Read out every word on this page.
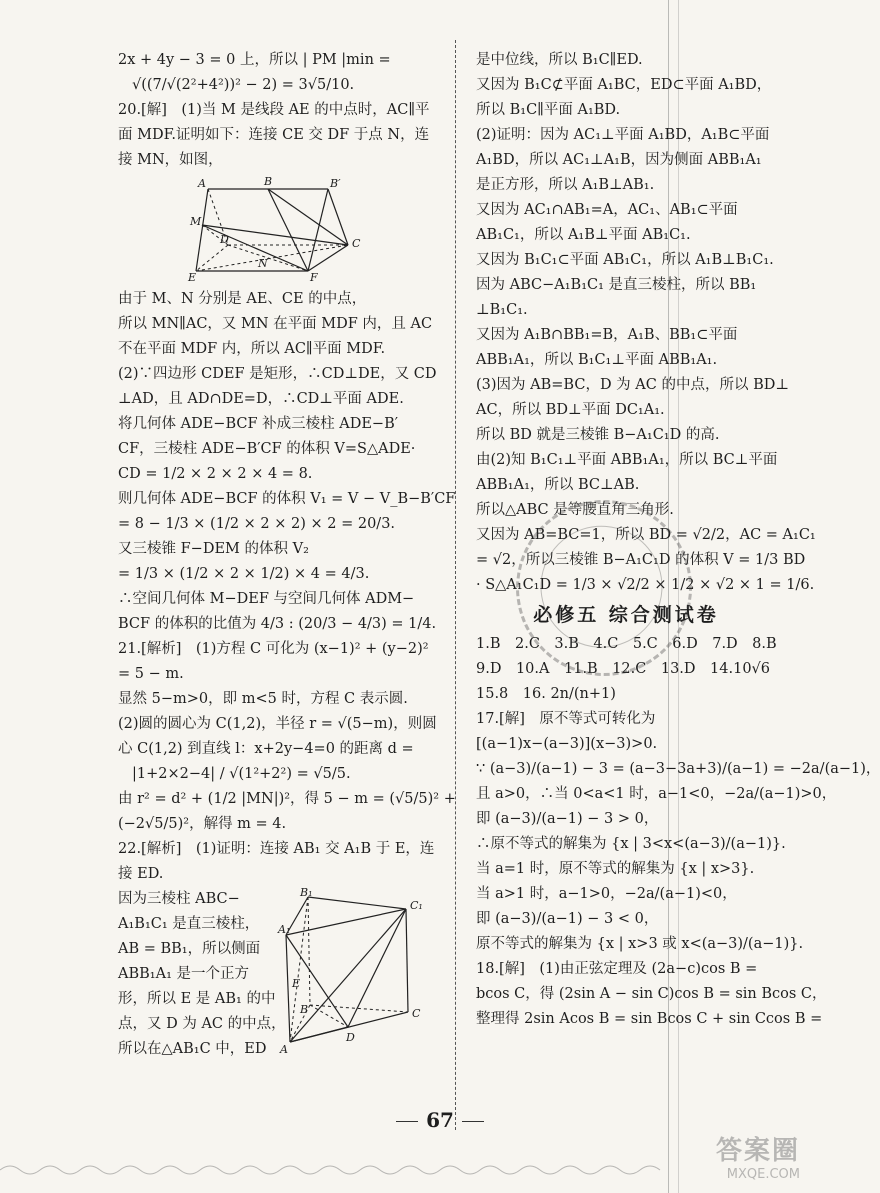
2x + 4y − 3 = 0 上，所以 | PM |min =
√((7/√(2²+4²))² − 2) = 3√5/10.
20.[解]　(1)当 M 是线段 AE 的中点时，AC∥平
面 MDF.证明如下：连接 CE 交 DF 于点 N，连
接 MN，如图，
A	B	B′
M
D	C
N
E	F
由于 M、N 分别是 AE、CE 的中点，
所以 MN∥AC，又 MN 在平面 MDF 内，且 AC
不在平面 MDF 内，所以 AC∥平面 MDF.
(2)∵四边形 CDEF 是矩形，∴CD⊥DE，又 CD
⊥AD，且 AD∩DE=D，∴CD⊥平面 ADE.
将几何体 ADE−BCF 补成三棱柱 ADE−B′
CF，三棱柱 ADE−B′CF 的体积 V=S△ADE·
CD = 1/2 × 2 × 2 × 4 = 8.
则几何体 ADE−BCF 的体积 V₁ = V − V_B−B′CF
= 8 − 1/3 × (1/2 × 2 × 2) × 2 = 20/3.
又三棱锥 F−DEM 的体积 V₂
= 1/3 × (1/2 × 2 × 1/2) × 4 = 4/3.
∴空间几何体 M−DEF 与空间几何体 ADM−
BCF 的体积的比值为 4/3 : (20/3 − 4/3) = 1/4.
21.[解析]　(1)方程 C 可化为 (x−1)² + (y−2)²
= 5 − m.
显然 5−m>0，即 m<5 时，方程 C 表示圆.
(2)圆的圆心为 C(1,2)，半径 r = √(5−m)，则圆
心 C(1,2) 到直线 l：x+2y−4=0 的距离 d =
|1+2×2−4| / √(1²+2²) = √5/5.
由 r² = d² + (1/2 |MN|)²，得 5 − m = (√5/5)² +
(−2√5/5)²，解得 m = 4.
22.[解析]　(1)证明：连接 AB₁ 交 A₁B 于 E，连
接 ED.
因为三棱柱 ABC−
A₁B₁C₁ 是直三棱柱，
AB = BB₁，所以侧面
ABB₁A₁ 是一个正方
形，所以 E 是 AB₁ 的中
点，又 D 为 AC 的中点，
所以在△AB₁C 中，ED
B₁
C₁
A₁
E
B	C
D
A
是中位线，所以 B₁C∥ED.
又因为 B₁C⊄平面 A₁BC，ED⊂平面 A₁BD，
所以 B₁C∥平面 A₁BD.
(2)证明：因为 AC₁⊥平面 A₁BD，A₁B⊂平面
A₁BD，所以 AC₁⊥A₁B，因为侧面 ABB₁A₁
是正方形，所以 A₁B⊥AB₁.
又因为 AC₁∩AB₁=A，AC₁、AB₁⊂平面
AB₁C₁，所以 A₁B⊥平面 AB₁C₁.
又因为 B₁C₁⊂平面 AB₁C₁，所以 A₁B⊥B₁C₁.
因为 ABC−A₁B₁C₁ 是直三棱柱，所以 BB₁
⊥B₁C₁.
又因为 A₁B∩BB₁=B，A₁B、BB₁⊂平面
ABB₁A₁，所以 B₁C₁⊥平面 ABB₁A₁.
(3)因为 AB=BC，D 为 AC 的中点，所以 BD⊥
AC，所以 BD⊥平面 DC₁A₁.
所以 BD 就是三棱锥 B−A₁C₁D 的高.
由(2)知 B₁C₁⊥平面 ABB₁A₁，所以 BC⊥平面
ABB₁A₁，所以 BC⊥AB.
所以△ABC 是等腰直角三角形.
又因为 AB=BC=1，所以 BD = √2/2，AC = A₁C₁
= √2，所以三棱锥 B−A₁C₁D 的体积 V = 1/3 BD
· S△A₁C₁D = 1/3 × √2/2 × 1/2 × √2 × 1 = 1/6.
必修五 综合测试卷
1.B　2.C　3.B　4.C　5.C　6.D　7.D　8.B
9.D　10.A　11.B　12.C　13.D　14.10√6
15.8　16. 2n/(n+1)
17.[解]　原不等式可转化为
[(a−1)x−(a−3)](x−3)>0.
∵ (a−3)/(a−1) − 3 = (a−3−3a+3)/(a−1) = −2a/(a−1)，
且 a>0，∴当 0<a<1 时，a−1<0，−2a/(a−1)>0，
即 (a−3)/(a−1) − 3 > 0，
∴原不等式的解集为 {x | 3<x<(a−3)/(a−1)}.
当 a=1 时，原不等式的解集为 {x | x>3}.
当 a>1 时，a−1>0，−2a/(a−1)<0，
即 (a−3)/(a−1) − 3 < 0，
原不等式的解集为 {x | x>3 或 x<(a−3)/(a−1)}.
18.[解]　(1)由正弦定理及 (2a−c)cos B =
bcos C，得 (2sin A − sin C)cos B = sin Bcos C，
整理得 2sin Acos B = sin Bcos C + sin Ccos B =
67
答案圈
MXQE.COM
